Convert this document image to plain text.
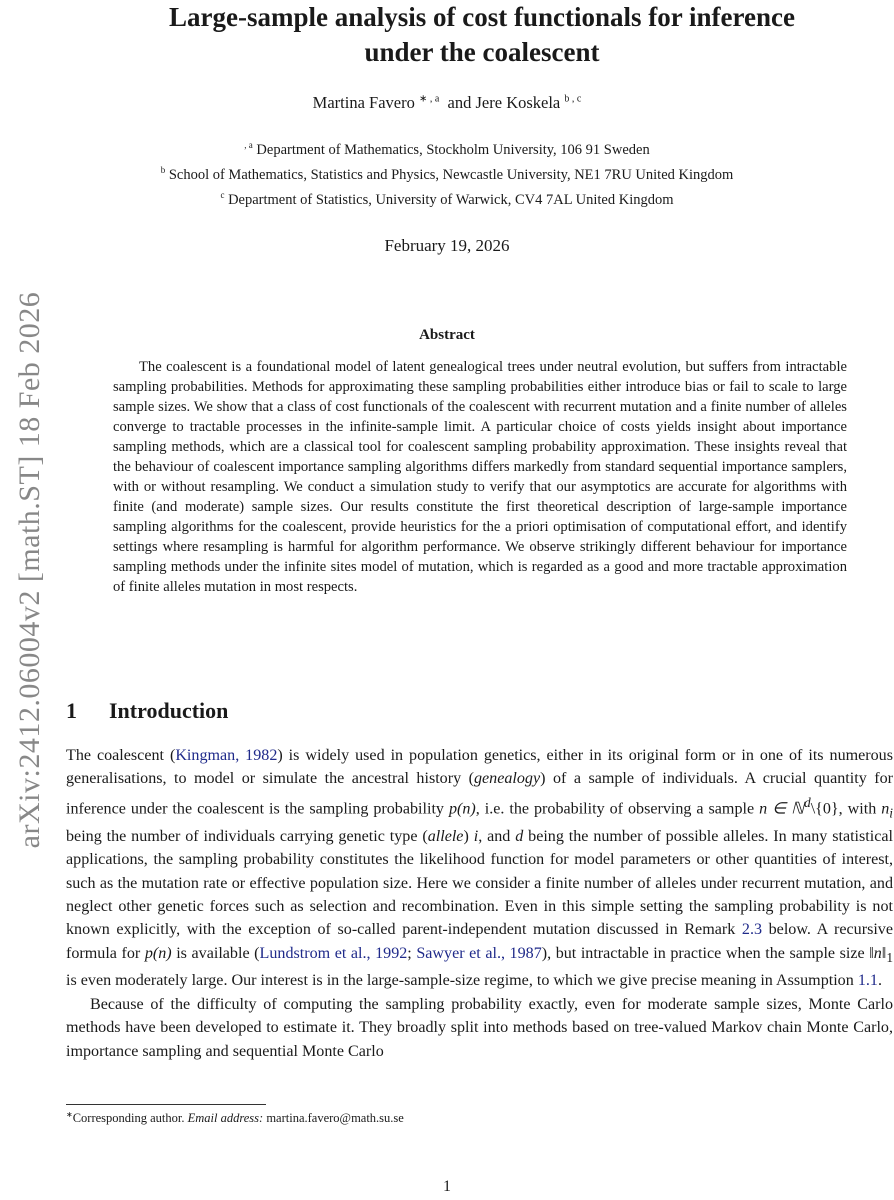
arXiv:2412.06004v2 [math.ST] 18 Feb 2026
Large-sample analysis of cost functionals for inference
under the coalescent
Martina Favero $^{∗ , a}$ and Jere Koskela $^{b , c}$
$^{, a}$ Department of Mathematics, Stockholm University, 106 91 Sweden
$^b$ School of Mathematics, Statistics and Physics, Newcastle University, NE1 7RU United Kingdom
$^c$ Department of Statistics, University of Warwick, CV4 7AL United Kingdom
February 19, 2026
Abstract
The coalescent is a foundational model of latent genealogical trees under neutral evolution, but suffers from intractable sampling probabilities. Methods for approximating these sampling probabilities either introduce bias or fail to scale to large sample sizes. We show that a class of cost functionals of the coalescent with recurrent mutation and a finite number of alleles converge to tractable processes in the infinite-sample limit. A particular choice of costs yields insight about importance sampling methods, which are a classical tool for coalescent sampling probability approximation. These insights reveal that the behaviour of coalescent importance sampling algorithms differs markedly from standard sequential importance samplers, with or without resampling. We conduct a simulation study to verify that our asymptotics are accurate for algorithms with finite (and moderate) sample sizes. Our results constitute the first theoretical description of large-sample importance sampling algorithms for the coalescent, provide heuristics for the a priori optimisation of computational effort, and identify settings where resampling is harmful for algorithm performance. We observe strikingly different behaviour for importance sampling methods under the infinite sites model of mutation, which is regarded as a good and more tractable approximation of finite alleles mutation in most respects.
1 Introduction

The coalescent (Kingman, 1982) is widely used in population genetics, either in its original form or in one of its numerous generalisations, to model or simulate the ancestral history (genealogy) of a sample of individuals. A crucial quantity for inference under the coalescent is the sampling probability p(n), i.e. the probability of observing a sample n ∈ ℕ$^d$\{0}, with $n_i$ being the number of individuals carrying genetic type (allele) i, and d being the number of possible alleles. In many statistical applications, the sampling probability constitutes the likelihood function for model parameters or other quantities of interest, such as the mutation rate or effective population size. Here we consider a finite number of alleles under recurrent mutation, and neglect other genetic forces such as selection and recombination. Even in this simple setting the sampling probability is not known explicitly, with the exception of so-called parent-independent mutation discussed in Remark 2.3 below. A recursive formula for p(n) is available (Lundstrom et al., 1992; Sawyer et al., 1987), but intractable in practice when the sample size $‖n‖_1$ is even moderately large. Our interest is in the large-sample-size regime, to which we give precise meaning in Assumption 1.1.

Because of the difficulty of computing the sampling probability exactly, even for moderate sample sizes, Monte Carlo methods have been developed to estimate it. They broadly split into methods based on tree-valued Markov chain Monte Carlo, importance sampling and sequential Monte Carlo

∗Corresponding author. Email address: martina.favero@math.su.se
1
